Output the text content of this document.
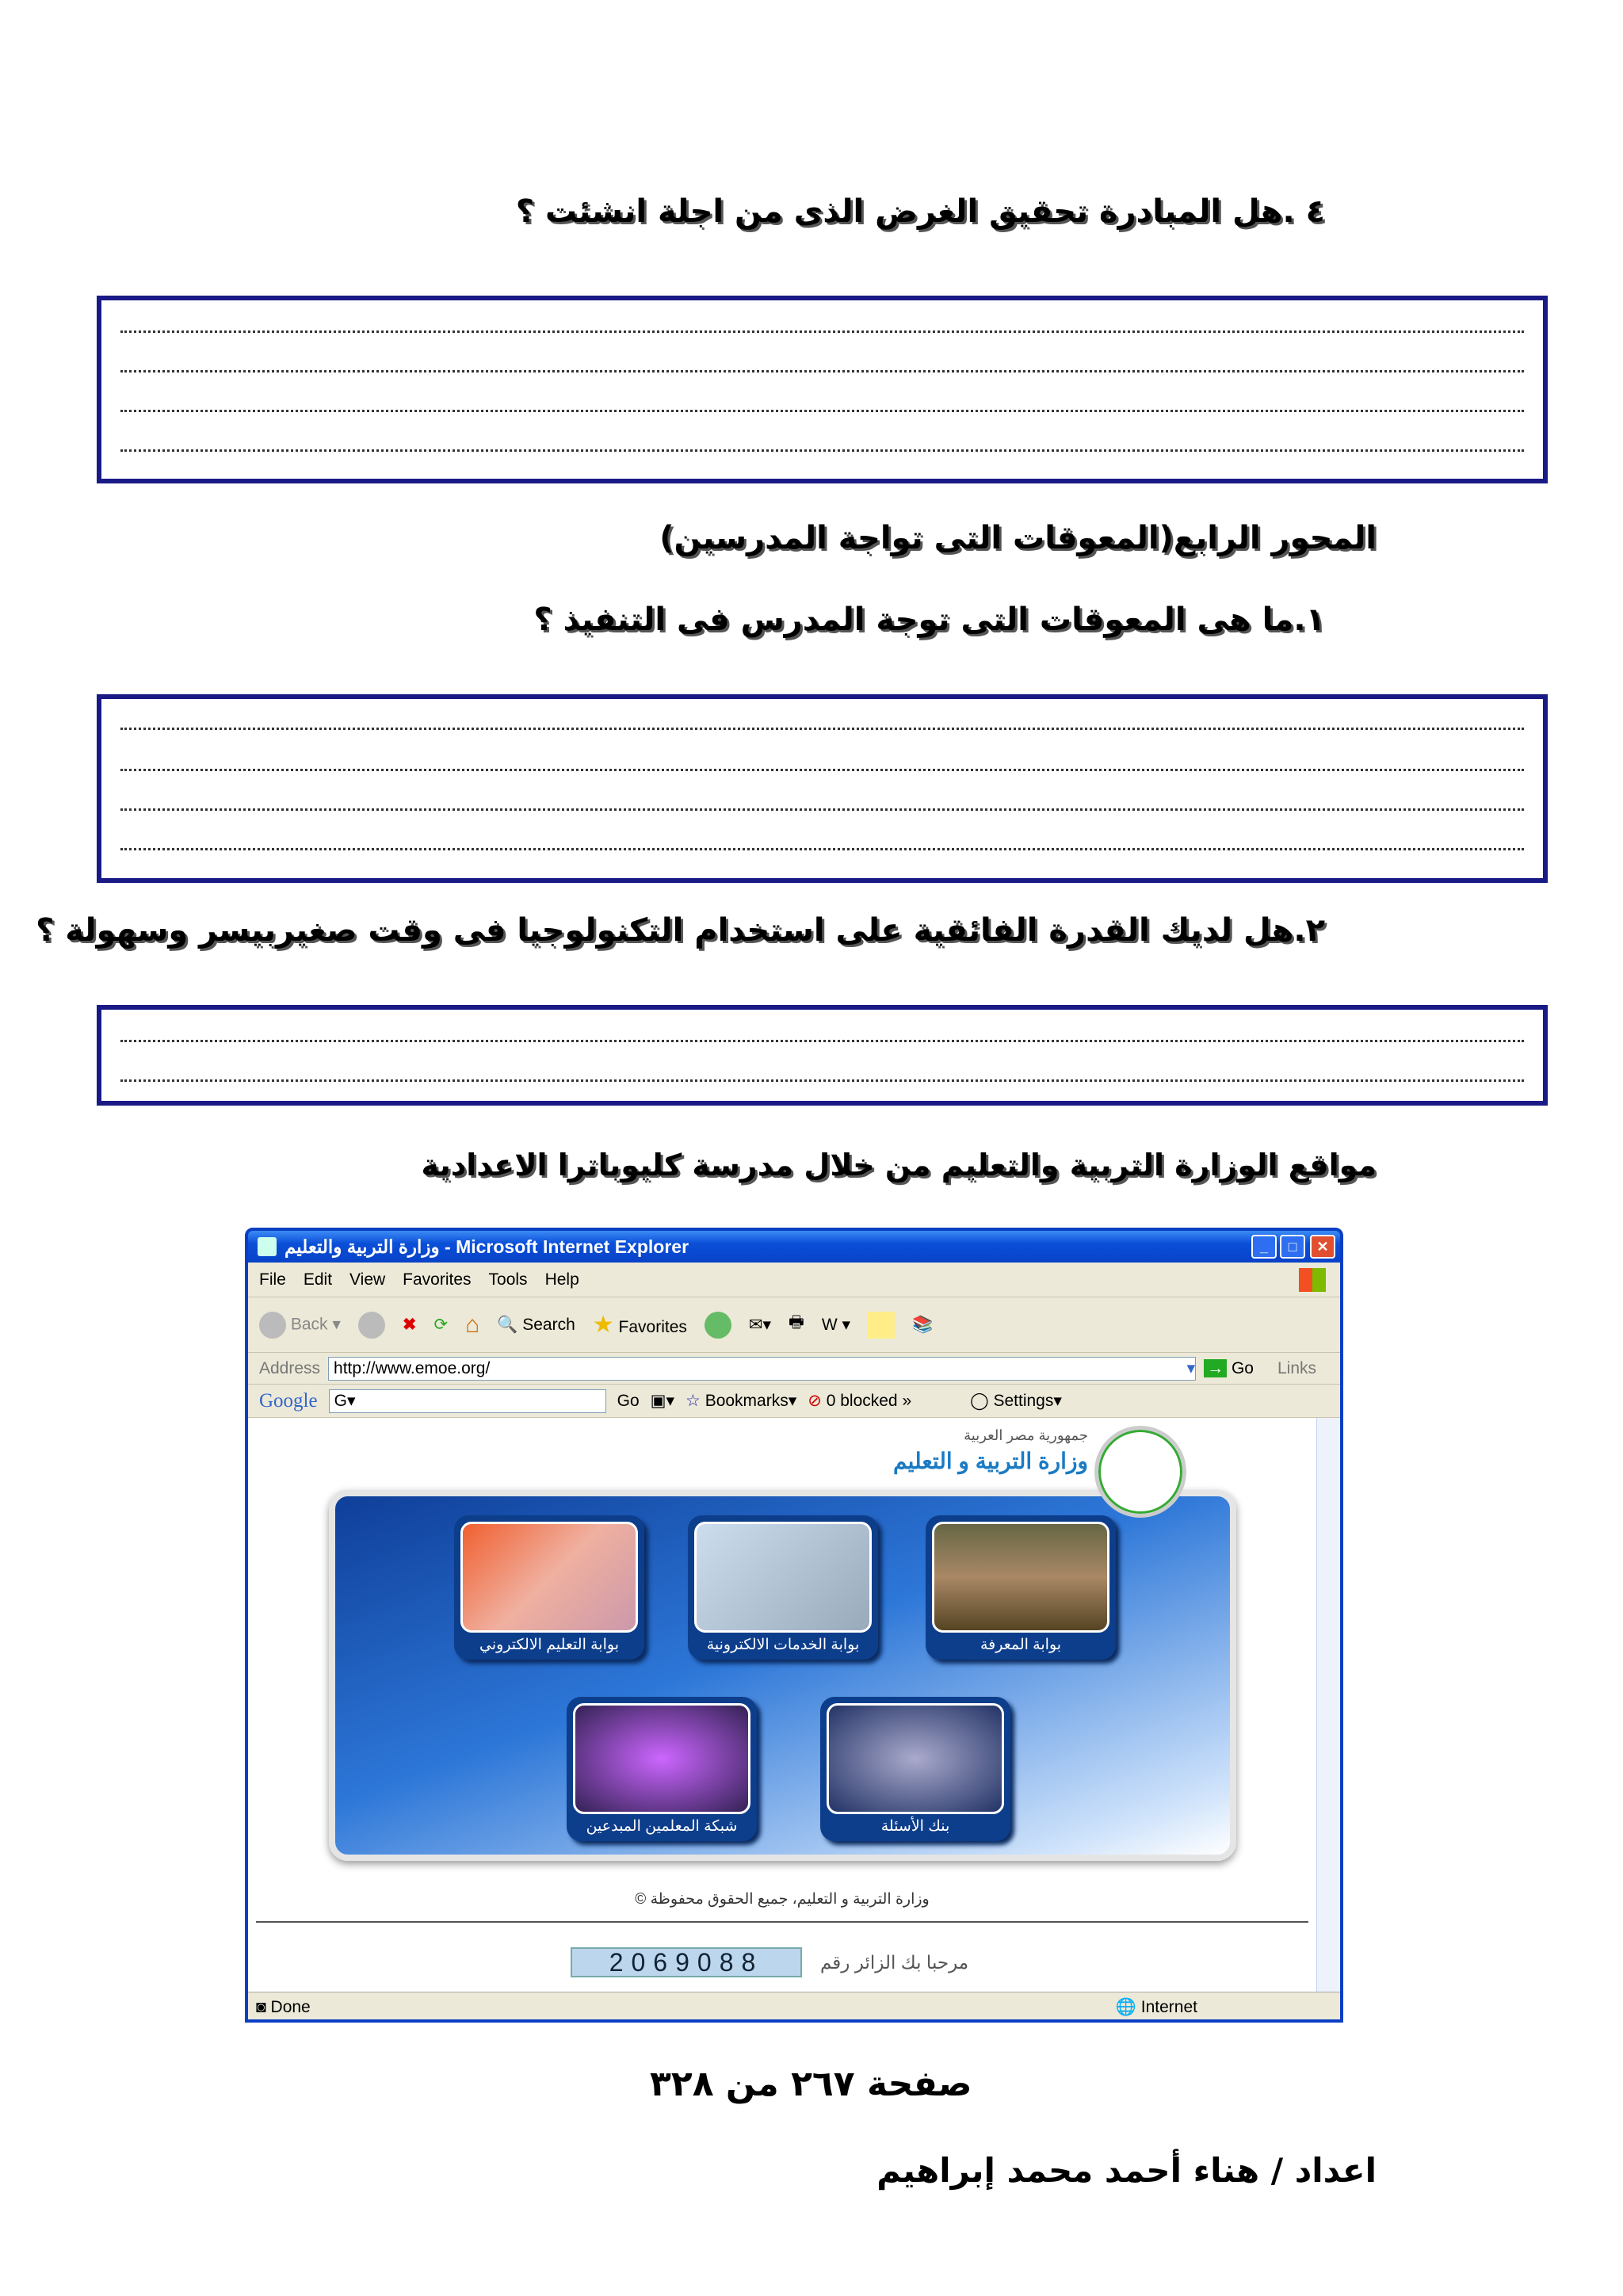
٤ .هل المبادرة تحقيق الغرض الذى من اجلة انشئت ؟
المحور الرابع(المعوقات التى تواجة المدرسين)
١.ما هى المعوقات التى توجة المدرس فى التنفيذ ؟
٢.هل لديك القدرة الفائقية على استخدام التكنولوجيا فى وقت صغيربيسر وسهولة ؟
مواقع الوزارة التربية والتعليم من خلال مدرسة كليوباترا الاعدادية
وزارة التربية والتعليم - Microsoft Internet Explorer	_	□	✕
File Edit View Favorites Tools Help
Back ▾	✖ ⟳ ⌂ 🔍 Search ★ Favorites	✉▾ 🖶 W ▾	📚
Address http://www.emoe.org/	▾ → Go Links
Google	G▾	Go ▣▾ ☆ Bookmarks▾ ⊘ 0 blocked »	◯ Settings▾
جمهورية مصر العربية
وزارة التربية و التعليم
بوابة التعليم الالكتروني	بوابة الخدمات الالكترونية	بوابة المعرفة
شبكة المعلمين المبدعين	بنك الأسئلة
وزارة التربية و التعليم، جميع الحقوق محفوظة ©
2069088	مرحبا بك الزائر رقم
◙ Done	🌐 Internet
صفحة ٢٦٧ من ٣٢٨
اعداد / هناء أحمد محمد إبراهيم
